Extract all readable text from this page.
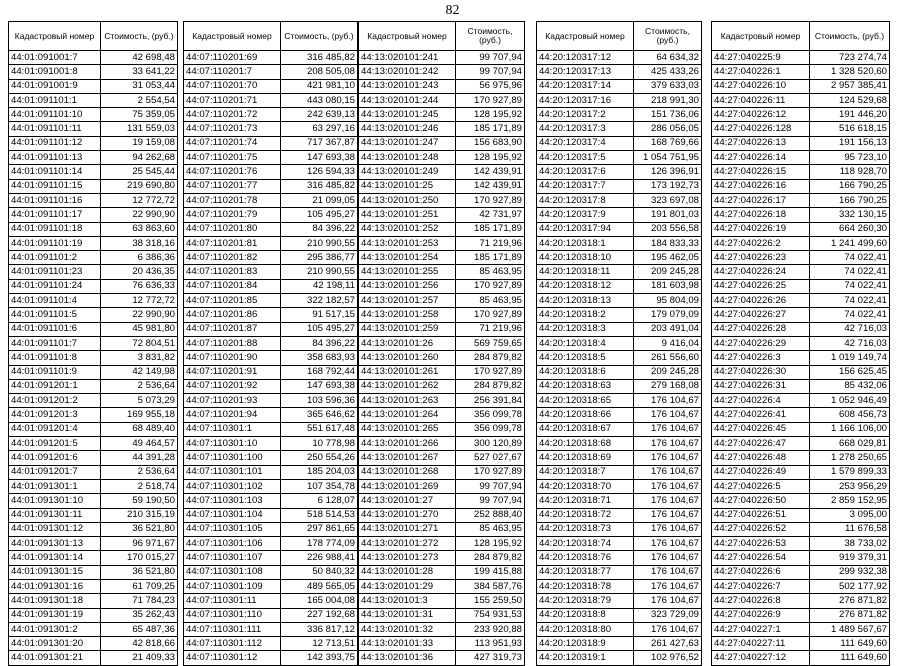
82
Кадастровый номер	Стоимость, (руб.)
44:01:091001:7	42 698,48
44:01:091001:8	33 641,22
44:01:091001:9	31 053,44
44:01:091101:1	2 554,54
44:01:091101:10	75 359,05
44:01:091101:11	131 559,03
44:01:091101:12	19 159,08
44:01:091101:13	94 262,68
44:01:091101:14	25 545,44
44:01:091101:15	219 690,80
44:01:091101:16	12 772,72
44:01:091101:17	22 990,90
44:01:091101:18	63 863,60
44:01:091101:19	38 318,16
44:01:091101:2	6 386,36
44:01:091101:23	20 436,35
44:01:091101:24	76 636,33
44:01:091101:4	12 772,72
44:01:091101:5	22 990,90
44:01:091101:6	45 981,80
44:01:091101:7	72 804,51
44:01:091101:8	3 831,82
44:01:091101:9	42 149,98
44:01:091201:1	2 536,64
44:01:091201:2	5 073,29
44:01:091201:3	169 955,18
44:01:091201:4	68 489,40
44:01:091201:5	49 464,57
44:01:091201:6	44 391,28
44:01:091201:7	2 536,64
44:01:091301:1	2 518,74
44:01:091301:10	59 190,50
44:01:091301:11	210 315,19
44:01:091301:12	36 521,80
44:01:091301:13	96 971,67
44:01:091301:14	170 015,27
44:01:091301:15	36 521,80
44:01:091301:16	61 709,25
44:01:091301:18	71 784,23
44:01:091301:19	35 262,43
44:01:091301:2	65 487,36
44:01:091301:20	42 818,66
44:01:091301:21	21 409,33
Кадастровый номер	Стоимость, (руб.)
44:07:110201:69	316 485,82
44:07:110201:7	208 505,08
44:07:110201:70	421 981,10
44:07:110201:71	443 080,15
44:07:110201:72	242 639,13
44:07:110201:73	63 297,16
44:07:110201:74	717 367,87
44:07:110201:75	147 693,38
44:07:110201:76	126 594,33
44:07:110201:77	316 485,82
44:07:110201:78	21 099,05
44:07:110201:79	105 495,27
44:07:110201:80	84 396,22
44:07:110201:81	210 990,55
44:07:110201:82	295 386,77
44:07:110201:83	210 990,55
44:07:110201:84	42 198,11
44:07:110201:85	322 182,57
44:07:110201:86	91 517,15
44:07:110201:87	105 495,27
44:07:110201:88	84 396,22
44:07:110201:90	358 683,93
44:07:110201:91	168 792,44
44:07:110201:92	147 693,38
44:07:110201:93	103 596,36
44:07:110201:94	365 646,62
44:07:110301:1	551 617,48
44:07:110301:10	10 778,98
44:07:110301:100	250 554,26
44:07:110301:101	185 204,03
44:07:110301:102	107 354,78
44:07:110301:103	6 128,07
44:07:110301:104	518 514,53
44:07:110301:105	297 861,65
44:07:110301:106	178 774,09
44:07:110301:107	226 988,41
44:07:110301:108	50 840,32
44:07:110301:109	489 565,05
44:07:110301:11	165 004,08
44:07:110301:110	227 192,68
44:07:110301:111	336 817,12
44:07:110301:112	12 713,51
44:07:110301:12	142 393,75
Кадастровый номер	Стоимость, (руб.)
44:13:020101:241	99 707,94
44:13:020101:242	99 707,94
44:13:020101:243	56 975,96
44:13:020101:244	170 927,89
44:13:020101:245	128 195,92
44:13:020101:246	185 171,89
44:13:020101:247	156 683,90
44:13:020101:248	128 195,92
44:13:020101:249	142 439,91
44:13:020101:25	142 439,91
44:13:020101:250	170 927,89
44:13:020101:251	42 731,97
44:13:020101:252	185 171,89
44:13:020101:253	71 219,96
44:13:020101:254	185 171,89
44:13:020101:255	85 463,95
44:13:020101:256	170 927,89
44:13:020101:257	85 463,95
44:13:020101:258	170 927,89
44:13:020101:259	71 219,96
44:13:020101:26	569 759,65
44:13:020101:260	284 879,82
44:13:020101:261	170 927,89
44:13:020101:262	284 879,82
44:13:020101:263	256 391,84
44:13:020101:264	356 099,78
44:13:020101:265	356 099,78
44:13:020101:266	300 120,89
44:13:020101:267	527 027,67
44:13:020101:268	170 927,89
44:13:020101:269	99 707,94
44:13:020101:27	99 707,94
44:13:020101:270	252 888,40
44:13:020101:271	85 463,95
44:13:020101:272	128 195,92
44:13:020101:273	284 879,82
44:13:020101:28	199 415,88
44:13:020101:29	384 587,76
44:13:020101:3	155 259,50
44:13:020101:31	754 931,53
44:13:020101:32	233 920,88
44:13:020101:33	113 951,93
44:13:020101:36	427 319,73
Кадастровый номер	Стоимость, (руб.)
44:20:120317:12	64 634,32
44:20:120317:13	425 433,26
44:20:120317:14	379 633,03
44:20:120317:16	218 991,30
44:20:120317:2	151 736,06
44:20:120317:3	286 056,05
44:20:120317:4	168 769,66
44:20:120317:5	1 054 751,95
44:20:120317:6	126 396,91
44:20:120317:7	173 192,73
44:20:120317:8	323 697,08
44:20:120317:9	191 801,03
44:20:120317:94	203 556,58
44:20:120318:1	184 833,33
44:20:120318:10	195 462,05
44:20:120318:11	209 245,28
44:20:120318:12	181 603,98
44:20:120318:13	95 804,09
44:20:120318:2	179 079,09
44:20:120318:3	203 491,04
44:20:120318:4	9 416,04
44:20:120318:5	261 556,60
44:20:120318:6	209 245,28
44:20:120318:63	279 168,08
44:20:120318:65	176 104,67
44:20:120318:66	176 104,67
44:20:120318:67	176 104,67
44:20:120318:68	176 104,67
44:20:120318:69	176 104,67
44:20:120318:7	176 104,67
44:20:120318:70	176 104,67
44:20:120318:71	176 104,67
44:20:120318:72	176 104,67
44:20:120318:73	176 104,67
44:20:120318:74	176 104,67
44:20:120318:76	176 104,67
44:20:120318:77	176 104,67
44:20:120318:78	176 104,67
44:20:120318:79	176 104,67
44:20:120318:8	323 729,09
44:20:120318:80	176 104,67
44:20:120318:9	261 427,63
44:20:120319:1	102 976,52
Кадастровый номер	Стоимость, (руб.)
44:27:040225:9	723 274,74
44:27:040226:1	1 328 520,60
44:27:040226:10	2 957 385,41
44:27:040226:11	124 529,68
44:27:040226:12	191 446,20
44:27:040226:128	516 618,15
44:27:040226:13	191 156,13
44:27:040226:14	95 723,10
44:27:040226:15	118 928,70
44:27:040226:16	166 790,25
44:27:040226:17	166 790,25
44:27:040226:18	332 130,15
44:27:040226:19	664 260,30
44:27:040226:2	1 241 499,60
44:27:040226:23	74 022,41
44:27:040226:24	74 022,41
44:27:040226:25	74 022,41
44:27:040226:26	74 022,41
44:27:040226:27	74 022,41
44:27:040226:28	42 716,03
44:27:040226:29	42 716,03
44:27:040226:3	1 019 149,74
44:27:040226:30	156 625,45
44:27:040226:31	85 432,06
44:27:040226:4	1 052 946,49
44:27:040226:41	608 456,73
44:27:040226:45	1 166 106,00
44:27:040226:47	668 029,81
44:27:040226:48	1 278 250,65
44:27:040226:49	1 579 899,33
44:27:040226:5	253 956,29
44:27:040226:50	2 859 152,95
44:27:040226:51	3 095,00
44:27:040226:52	11 676,58
44:27:040226:53	38 733,02
44:27:040226:54	919 379,31
44:27:040226:6	299 932,38
44:27:040226:7	502 177,92
44:27:040226:8	276 871,82
44:27:040226:9	276 871,82
44:27:040227:1	1 489 567,67
44:27:040227:11	111 649,60
44:27:040227:12	111 649,60
